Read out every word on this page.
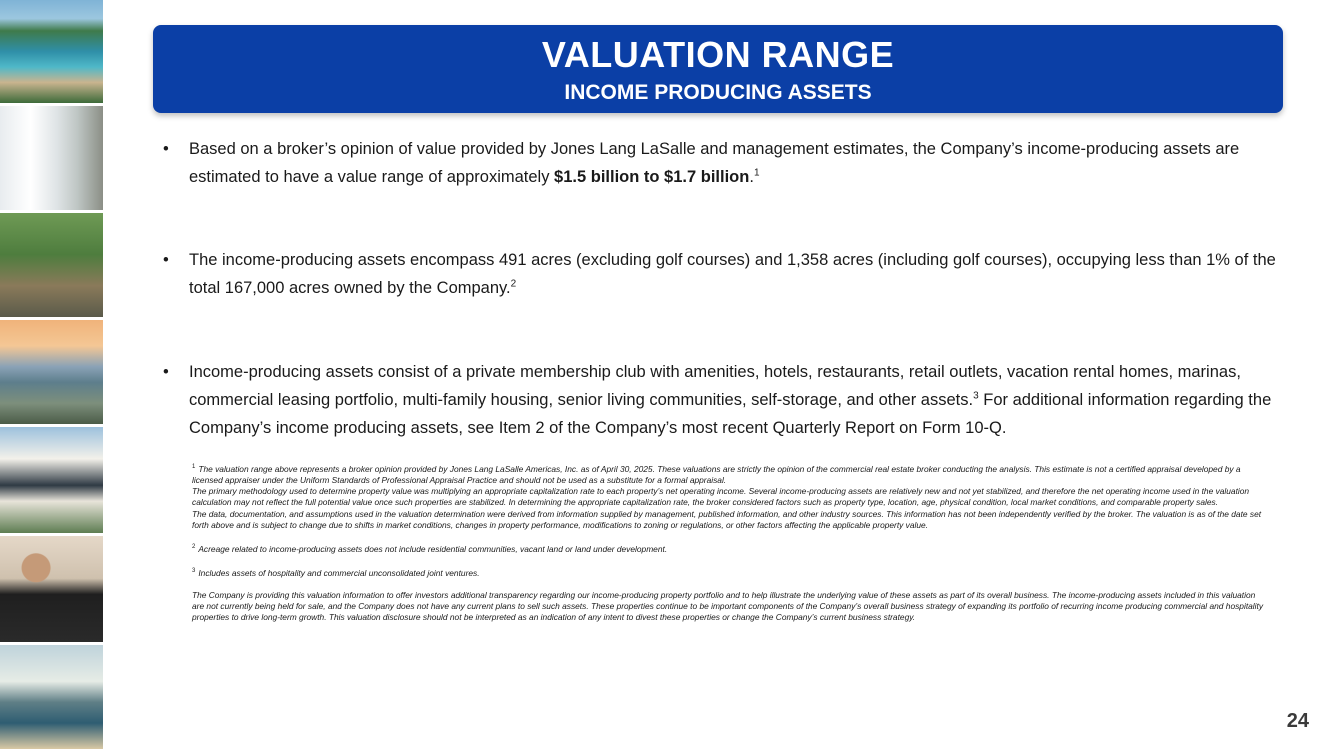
VALUATION RANGE
INCOME PRODUCING ASSETS
• Based on a broker’s opinion of value provided by Jones Lang LaSalle and management estimates, the Company’s income-producing assets are estimated to have a value range of approximately $1.5 billion to $1.7 billion.$^1$
• The income-producing assets encompass 491 acres (excluding golf courses) and 1,358 acres (including golf courses), occupying less than 1% of the total 167,000 acres owned by the Company.$^2$
• Income-producing assets consist of a private membership club with amenities, hotels, restaurants, retail outlets, vacation rental homes, marinas, commercial leasing portfolio, multi-family housing, senior living communities, self-storage, and other assets.$^3$ For additional information regarding the Company’s income producing assets, see Item 2 of the Company’s most recent Quarterly Report on Form 10-Q.

$^1$ The valuation range above represents a broker opinion provided by Jones Lang LaSalle Americas, Inc. as of April 30, 2025. These valuations are strictly the opinion of the commercial real estate broker conducting the analysis. This estimate is not a certified appraisal developed by a licensed appraiser under the Uniform Standards of Professional Appraisal Practice and should not be used as a substitute for a formal appraisal.

The primary methodology used to determine property value was multiplying an appropriate capitalization rate to each property’s net operating income. Several income-producing assets are relatively new and not yet stabilized, and therefore the net operating income used in the valuation calculation may not reflect the full potential value once such properties are stabilized. In determining the appropriate capitalization rate, the broker considered factors such as property type, location, age, physical condition, local market conditions, and comparable property sales.

The data, documentation, and assumptions used in the valuation determination were derived from information supplied by management, published information, and other industry sources. This information has not been independently verified by the broker. The valuation is as of the date set forth above and is subject to change due to shifts in market conditions, changes in property performance, modifications to zoning or regulations, or other factors affecting the applicable property value.

$^2$ Acreage related to income-producing assets does not include residential communities, vacant land or land under development.

$^3$ Includes assets of hospitality and commercial unconsolidated joint ventures.

The Company is providing this valuation information to offer investors additional transparency regarding our income-producing property portfolio and to help illustrate the underlying value of these assets as part of its overall business. The income-producing assets included in this valuation are not currently being held for sale, and the Company does not have any current plans to sell such assets. These properties continue to be important components of the Company’s overall business strategy of expanding its portfolio of recurring income producing commercial and hospitality properties to drive long-term growth. This valuation disclosure should not be interpreted as an indication of any intent to divest these properties or change the Company’s current business strategy.

24
